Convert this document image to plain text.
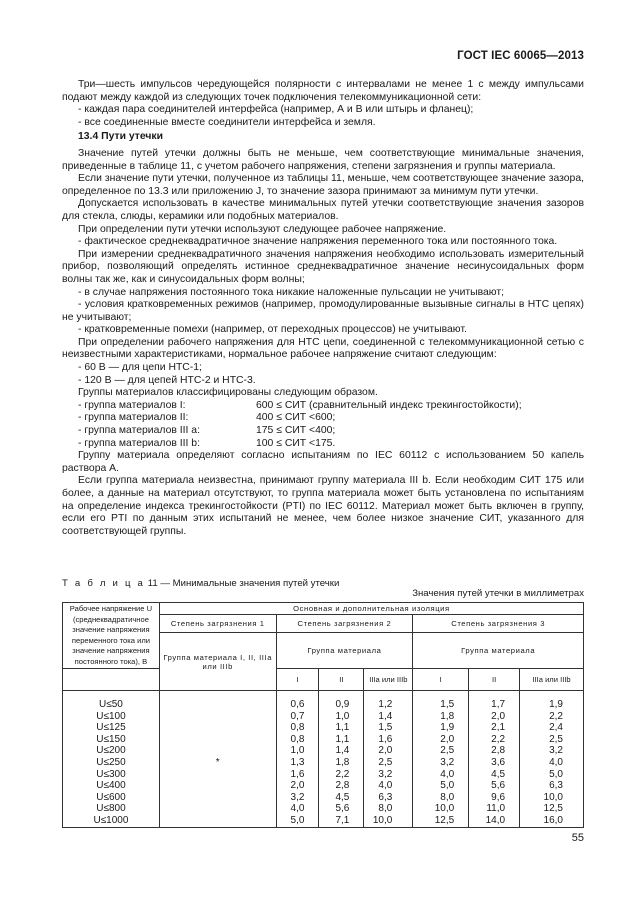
ГОСТ IEC 60065—2013
Три—шесть импульсов чередующейся полярности с интервалами не менее 1 с между импульсами подают между каждой из следующих точек подключения телекоммуникационной сети:
- каждая пара соединителей интерфейса (например, А и В или штырь и фланец);
- все соединенные вместе соединители интерфейса и земля.
13.4 Пути утечки
Значение путей утечки должны быть не меньше, чем соответствующие минимальные значения, приведенные в таблице 11, с учетом рабочего напряжения, степени загрязнения и группы материала.
Если значение пути утечки, полученное из таблицы 11, меньше, чем соответствующее значение зазора, определенное по 13.3 или приложению J, то значение зазора принимают за минимум пути утечки.
Допускается использовать в качестве минимальных путей утечки соответствующие значения зазоров для стекла, слюды, керамики или подобных материалов.
При определении пути утечки используют следующее рабочее напряжение.
- фактическое среднеквадратичное значение напряжения переменного тока или постоянного тока.
При измерении среднеквадратичного значения напряжения необходимо использовать измерительный прибор, позволяющий определять истинное среднеквадратичное значение несинусоидальных форм волны так же, как и синусоидальных форм волны;
- в случае напряжения постоянного тока никакие наложенные пульсации не учитывают;
- условия кратковременных режимов (например, промодулированные вызывные сигналы в НТС цепях) не учитывают;
- кратковременные помехи (например, от переходных процессов) не учитывают.
При определении рабочего напряжения для НТС цепи, соединенной с телекоммуникационной сетью с неизвестными характеристиками, нормальное рабочее напряжение считают следующим:
- 60 В — для цепи НТС-1;
- 120 В — для цепей НТС-2 и НТС-3.
Группы материалов классифицированы следующим образом.
- группа материалов I:	600 ≤ СИТ (сравнительный индекс трекингостойкости);
- группа материалов II:	400 ≤ СИТ <600;
- группа материалов III a:	175 ≤ СИТ <400;
- группа материалов III b:	100 ≤ СИТ <175.
Группу материала определяют согласно испытаниям по IEC 60112 с использованием 50 капель раствора А.
Если группа материала неизвестна, принимают группу материала III b. Если необходим СИТ 175 или более, а данные на материал отсутствуют, то группа материала может быть установлена по испытаниям на определение индекса трекингостойкости (PTI) по IEC 60112. Материал может быть включен в группу, если его PTI по данным этих испытаний не менее, чем более низкое значение СИТ, указанного для соответствующей группы.
Т а б л и ц а 11 — Минимальные значения путей утечки
Значения путей утечки в миллиметрах
Рабочее напряжение U (среднеквадратичное значение напряжения переменного тока или значение напряжения постоянного тока), В	Основная и дополнительная изоляция						
	Степень загрязнения 1	Степень загрязнения 2			Степень загрязнения 3		
	Группа материала I, II, IIIa или IIIb	Группа материала			Группа материала		
		I	II	IIIa или IIIb	I	II	IIIa или IIIb
U≤50	*	0,6	0,9	1,2	1,5	1,7	1,9
U≤100		0,7	1,0	1,4	1,8	2,0	2,2
U≤125		0,8	1,1	1,5	1,9	2,1	2,4
U≤150		0,8	1,1	1,6	2,0	2,2	2,5
U≤200		1,0	1,4	2,0	2,5	2,8	3,2
U≤250		1,3	1,8	2,5	3,2	3,6	4,0
U≤300		1,6	2,2	3,2	4,0	4,5	5,0
U≤400		2,0	2,8	4,0	5,0	5,6	6,3
U≤600		3,2	4,5	6,3	8,0	9,6	10,0
U≤800		4,0	5,6	8,0	10,0	11,0	12,5
U≤1000		5,0	7,1	10,0	12,5	14,0	16,0
55
